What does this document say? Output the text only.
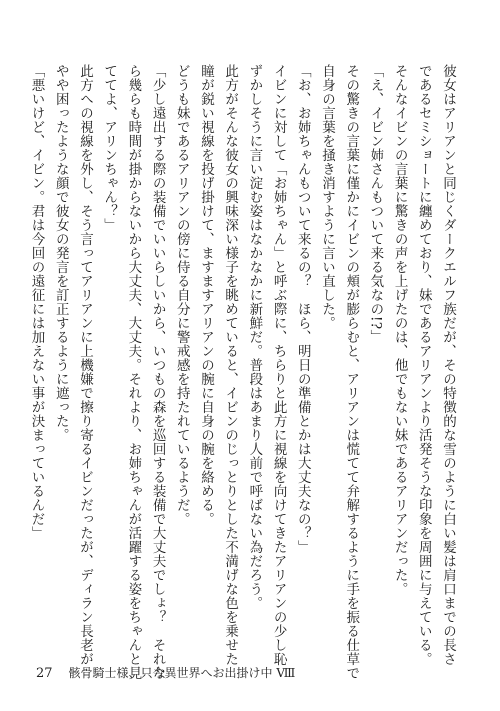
彼女はアリアンと同じくダークエルフ族だが、その特徴的な雪のように白い髪は肩口までの長さ
であるセミショートに纏めており、妹であるアリアンより活発そうな印象を周囲に与えている。
そんなイビンの言葉に驚きの声を上げたのは、他でもない妹であるアリアンだった。
「え、イビン姉さんもついて来る気なの!?」
その驚きの言葉に僅かにイビンの頬が膨らむと、アリアンは慌てて弁解するように手を振る仕草で
自身の言葉を掻き消すように言い直した。
「お、お姉ちゃんもついて来るの？　ほら、明日の準備とかは大丈夫なの？」
イビンに対して「お姉ちゃん」と呼ぶ際に、ちらりと此方に視線を向けてきたアリアンの少し恥
ずかしそうに言い淀む姿はなかなかに新鮮だ。普段はあまり人前で呼ばない為だろう。
此方がそんな彼女の興味深い様子を眺めていると、イビンのじっとりとした不満げな色を乗せた
瞳が鋭い視線を投げ掛けて、ますますアリアンの腕に自身の腕を絡める。
どうも妹であるアリアンの傍に侍る自分に警戒感を持たれているようだ。
「少し遠出する際の装備でいいらしいから、いつもの森を巡回する装備で大丈夫でしょ？　それな
ら幾らも時間が掛からないから大丈夫、大丈夫。それより、お姉ちゃんが活躍する姿をちゃんと見
ててよ、アリンちゃん？」
此方への視線を外し、そう言ってアリアンに上機嫌で擦り寄るイビンだったが、ディラン長老が
やや困ったような顔で彼女の発言を訂正するように遮った。
「悪いけど、イビン。君は今回の遠征には加えない事が決まっているんだ」
27 骸骨騎士様、只今異世界へお出掛け中 Ⅷ
